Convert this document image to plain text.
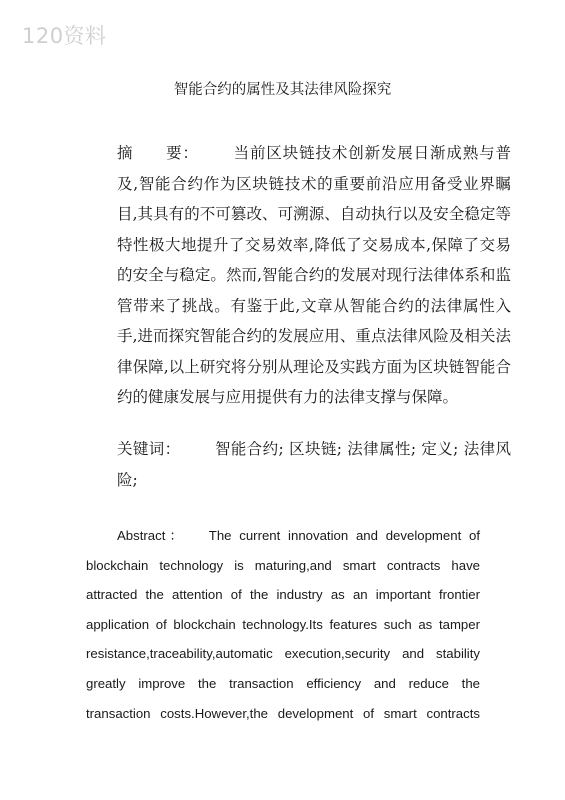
120资料
智能合约的属性及其法律风险探究
摘　　要： 当前区块链技术创新发展日渐成熟与普及,智能合约作为区块链技术的重要前沿应用备受业界瞩目,其具有的不可篡改、可溯源、自动执行以及安全稳定等特性极大地提升了交易效率,降低了交易成本,保障了交易的安全与稳定。然而,智能合约的发展对现行法律体系和监管带来了挑战。有鉴于此,文章从智能合约的法律属性入手,进而探究智能合约的发展应用、重点法律风险及相关法律保障,以上研究将分别从理论及实践方面为区块链智能合约的健康发展与应用提供有力的法律支撑与保障。
关键词： 智能合约; 区块链; 法律属性; 定义; 法律风险;
Abstract： The current innovation and development of
blockchain technology is maturing,and smart contracts have
attracted the attention of the industry as an important frontier
application of blockchain technology.Its features such as tamper
resistance,traceability,automatic execution,security and stability
greatly improve the transaction efficiency and reduce the
transaction costs.However,the development of smart contracts
